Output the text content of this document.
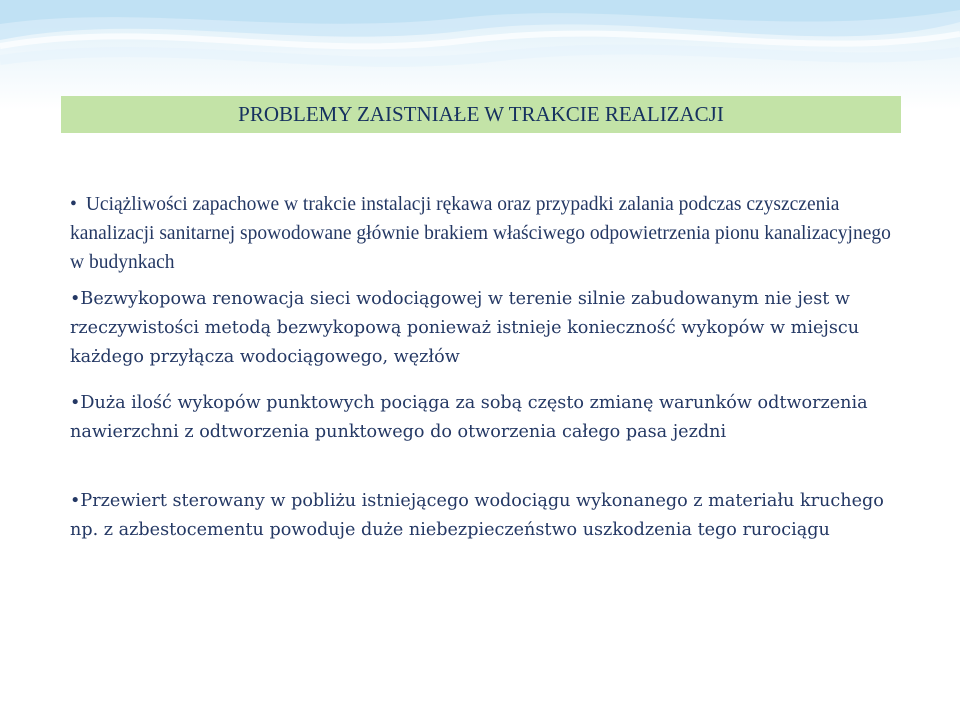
PROBLEMY ZAISTNIAŁE W TRAKCIE REALIZACJI

• Uciążliwości zapachowe w trakcie instalacji rękawa oraz przypadki zalania podczas czyszczenia kanalizacji sanitarnej spowodowane głównie brakiem właściwego odpowietrzenia pionu kanalizacyjnego w budynkach

•Bezwykopowa renowacja sieci wodociągowej w terenie silnie zabudowanym nie jest w rzeczywistości metodą bezwykopową ponieważ istnieje konieczność wykopów w miejscu każdego przyłącza wodociągowego, węzłów

•Duża ilość wykopów punktowych pociąga za sobą często zmianę warunków odtworzenia nawierzchni z odtworzenia punktowego do otworzenia całego pasa jezdni

•Przewiert sterowany w pobliżu istniejącego wodociągu wykonanego z materiału kruchego np. z azbestocementu powoduje duże niebezpieczeństwo uszkodzenia tego rurociągu
